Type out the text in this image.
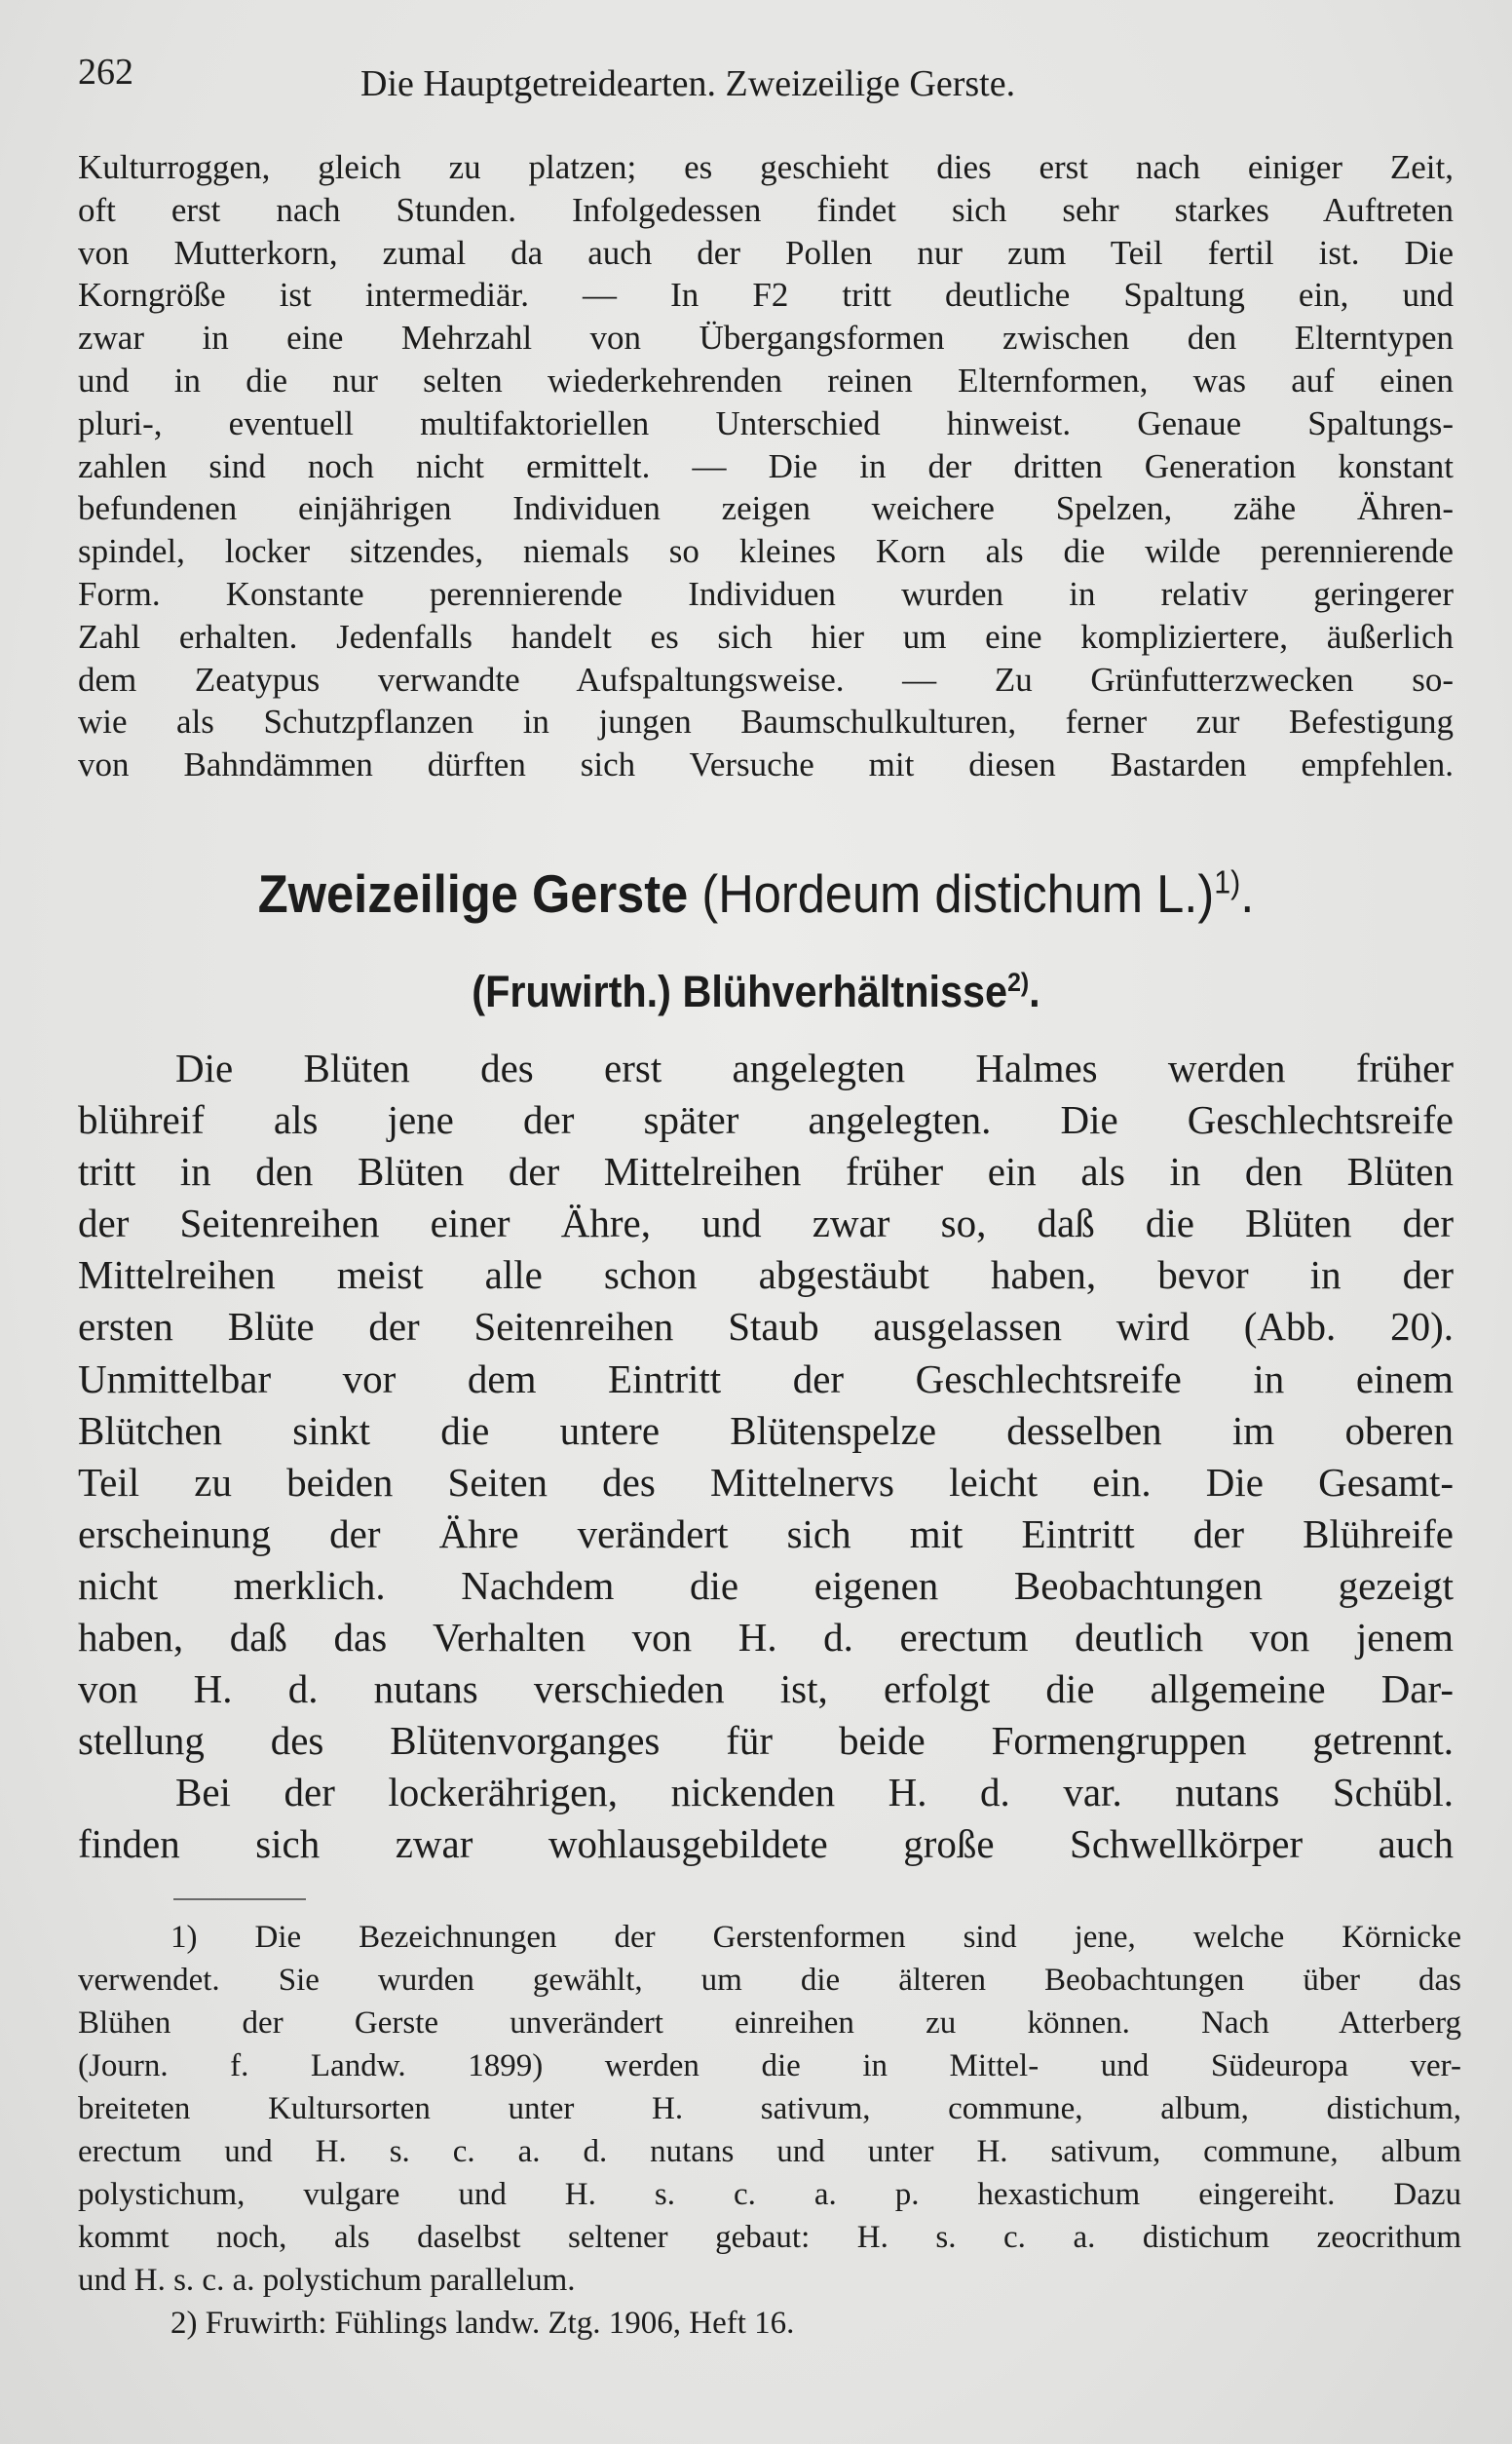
262	Die Hauptgetreidearten. Zweizeilige Gerste.
Kulturroggen, gleich zu platzen; es geschieht dies erst nach einiger Zeit,
oft erst nach Stunden. Infolgedessen findet sich sehr starkes Auftreten
von Mutterkorn, zumal da auch der Pollen nur zum Teil fertil ist. Die
Korngröße ist intermediär. — In F2 tritt deutliche Spaltung ein, und
zwar in eine Mehrzahl von Übergangsformen zwischen den Elterntypen
und in die nur selten wiederkehrenden reinen Elternformen, was auf einen
pluri-, eventuell multifaktoriellen Unterschied hinweist. Genaue Spaltungs-
zahlen sind noch nicht ermittelt. — Die in der dritten Generation konstant
befundenen einjährigen Individuen zeigen weichere Spelzen, zähe Ähren-
spindel, locker sitzendes, niemals so kleines Korn als die wilde perennierende
Form. Konstante perennierende Individuen wurden in relativ geringerer
Zahl erhalten. Jedenfalls handelt es sich hier um eine kompliziertere, äußerlich
dem Zeatypus verwandte Aufspaltungsweise. — Zu Grünfutterzwecken so-
wie als Schutzpflanzen in jungen Baumschulkulturen, ferner zur Befestigung
von Bahndämmen dürften sich Versuche mit diesen Bastarden empfehlen.
Zweizeilige Gerste (Hordeum distichum L.)$^{1)}$.
(Fruwirth.) Blühverhältnisse$^{2)}$.
Die Blüten des erst angelegten Halmes werden früher
blühreif als jene der später angelegten. Die Geschlechtsreife
tritt in den Blüten der Mittelreihen früher ein als in den Blüten
der Seitenreihen einer Ähre, und zwar so, daß die Blüten der
Mittelreihen meist alle schon abgestäubt haben, bevor in der
ersten Blüte der Seitenreihen Staub ausgelassen wird (Abb. 20).
Unmittelbar vor dem Eintritt der Geschlechtsreife in einem
Blütchen sinkt die untere Blütenspelze desselben im oberen
Teil zu beiden Seiten des Mittelnervs leicht ein. Die Gesamt-
erscheinung der Ähre verändert sich mit Eintritt der Blühreife
nicht merklich. Nachdem die eigenen Beobachtungen gezeigt
haben, daß das Verhalten von H. d. erectum deutlich von jenem
von H. d. nutans verschieden ist, erfolgt die allgemeine Dar-
stellung des Blütenvorganges für beide Formengruppen getrennt.
Bei der lockerährigen, nickenden H. d. var. nutans Schübl.
finden sich zwar wohlausgebildete große Schwellkörper auch
1) Die Bezeichnungen der Gerstenformen sind jene, welche Körnicke
verwendet. Sie wurden gewählt, um die älteren Beobachtungen über das
Blühen der Gerste unverändert einreihen zu können. Nach Atterberg
(Journ. f. Landw. 1899) werden die in Mittel- und Südeuropa ver-
breiteten Kultursorten unter H. sativum, commune, album, distichum,
erectum und H. s. c. a. d. nutans und unter H. sativum, commune, album
polystichum, vulgare und H. s. c. a. p. hexastichum eingereiht. Dazu
kommt noch, als daselbst seltener gebaut: H. s. c. a. distichum zeocrithum
und H. s. c. a. polystichum parallelum.
2) Fruwirth: Fühlings landw. Ztg. 1906, Heft 16.
